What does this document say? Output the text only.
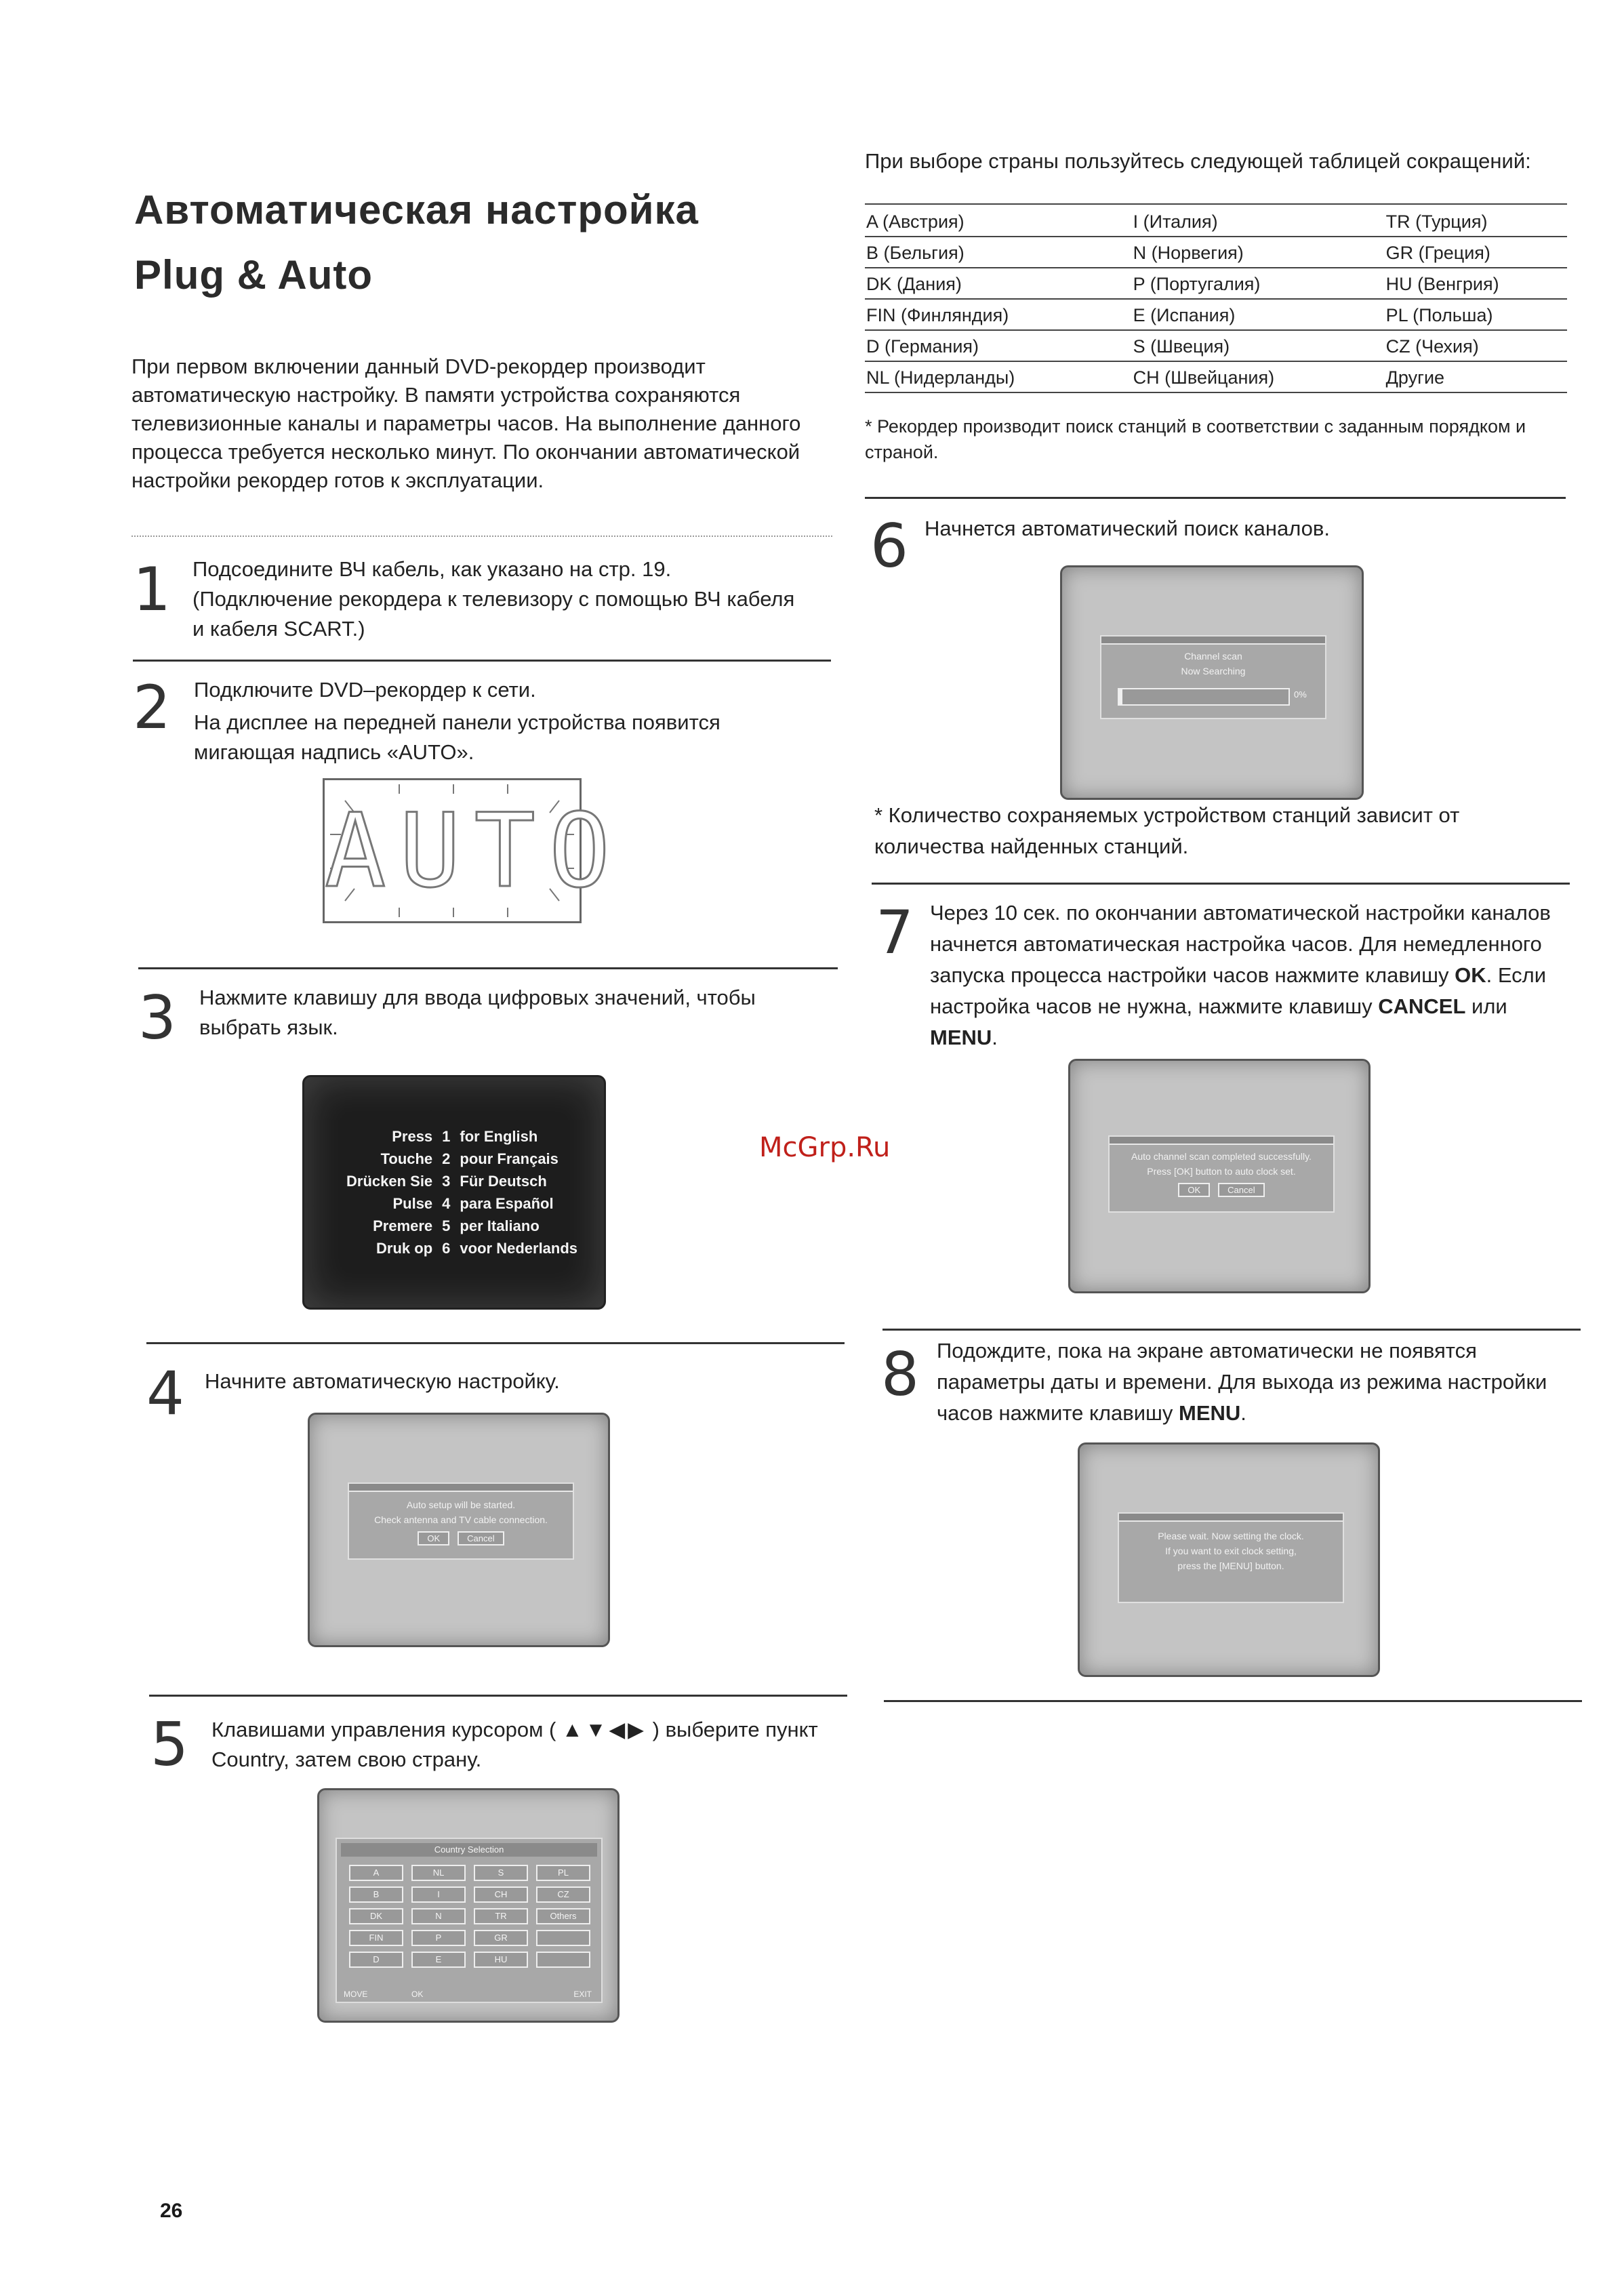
Автоматическая настройка
Plug & Auto
При первом включении данный DVD-рекордер производит автоматическую настройку. В памяти устройства сохраняются телевизионные каналы и параметры часов. На выполнение данного процесса требуется несколько минут. По окончании автоматической настройки рекордер готов к эксплуатации.
1 Подсоедините ВЧ кабель, как указано на стр. 19. (Подключение рекордера к телевизору с помощью ВЧ кабеля и кабеля SCART.)
2 Подключите DVD–рекордер к сети.
На дисплее на передней панели устройства появится мигающая надпись «AUTO».
AUTO
3 Нажмите клавишу для ввода цифровых значений, чтобы выбрать язык.
Press	1	for English
Touche	2	pour Français
Drücken Sie	3	Für Deutsch
Pulse	4	para Español
Premere	5	per Italiano
Druk op	6	voor Nederlands
4 Начните автоматическую настройку.
Auto setup will be started.
Check antenna and TV cable connection.
OK	Cancel
5 Клавишами управления курсором ( ▲▼◀▶ ) выберите пункт Country, затем свою страну.
Country Selection
A	NL	S	PL
B	I	CH	CZ
DK	N	TR	Others
FIN	P	GR
D	E	HU
MOVE	OK	EXIT
При выборе страны пользуйтесь следующей таблицей сокращений:
A (Австрия)	I (Италия)	TR (Турция)
B (Бельгия)	N (Норвегия)	GR (Греция)
DK (Дания)	P (Португалия)	HU (Венгрия)
FIN (Финляндия)	E (Испания)	PL (Польша)
D (Германия)	S (Швеция)	CZ (Чехия)
NL (Нидерланды)	CH (Швейцания)	Другие
* Рекордер производит поиск станций в соответствии с заданным порядком и страной.
6 Начнется автоматический поиск каналов.
Channel scan
Now Searching
0%
* Количество сохраняемых устройством станций зависит от количества найденных станций.
7 Через 10 сек. по окончании автоматической настройки каналов начнется автоматическая настройка часов. Для немедленного запуска процесса настройки часов нажмите клавишу OK. Если настройка часов не нужна, нажмите клавишу CANCEL или MENU.
Auto channel scan completed successfully.
Press [OK] button to auto clock set.
OK	Cancel
8 Подождите, пока на экране автоматически не появятся параметры даты и времени. Для выхода из режима настройки часов нажмите клавишу MENU.
Please wait. Now setting the clock.
If you want to exit clock setting,
press the [MENU] button.
McGrp.Ru
26
